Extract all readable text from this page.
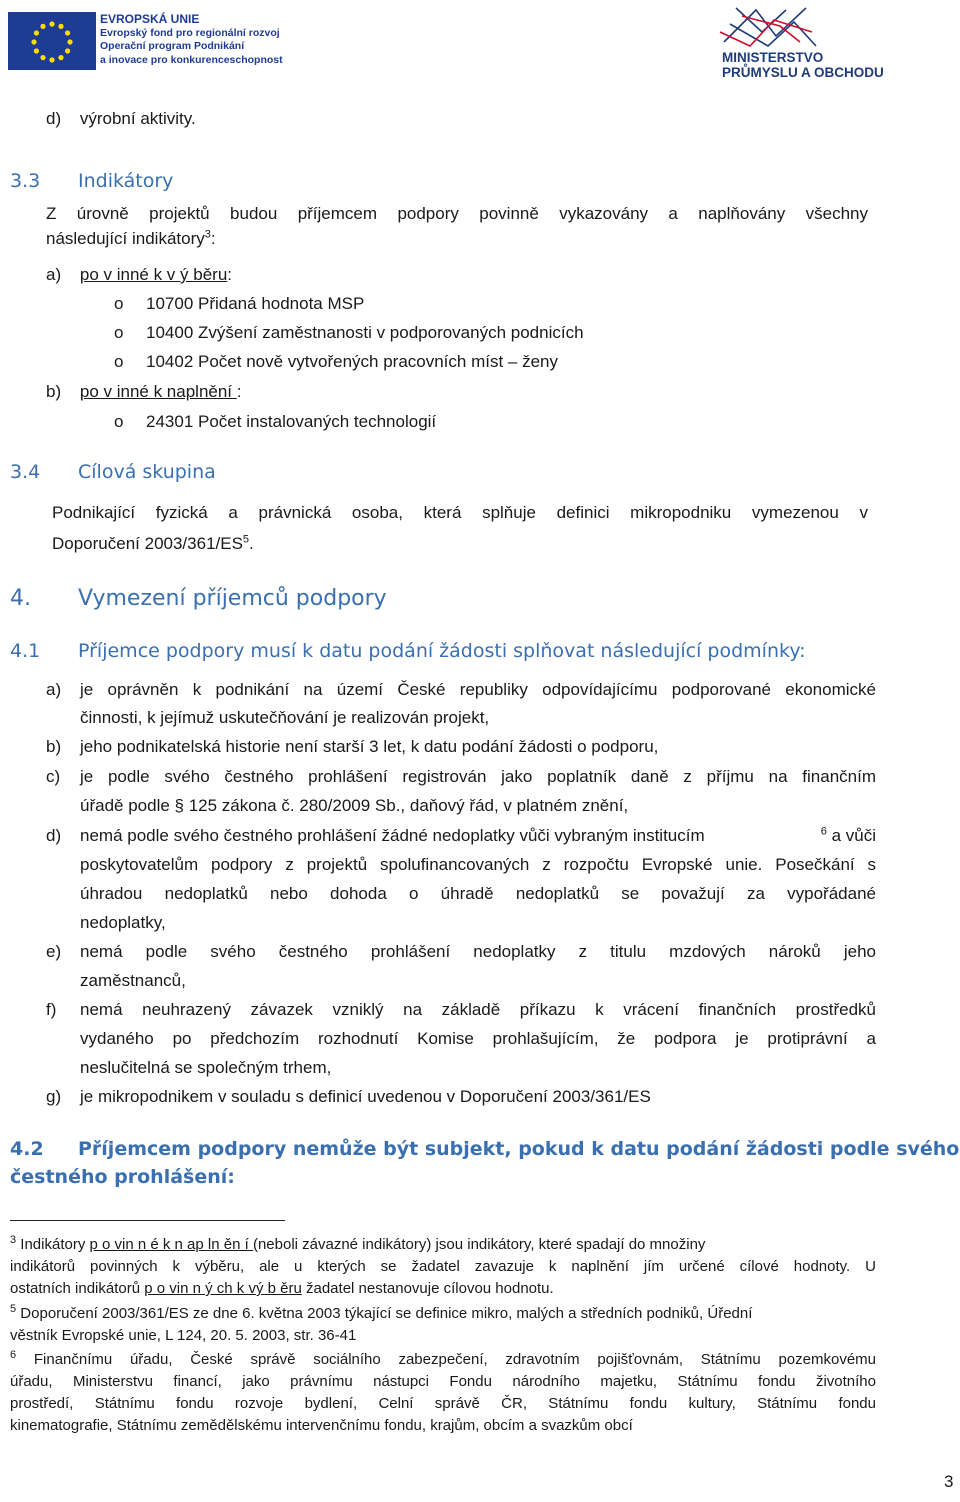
EVROPSKÁ UNIE
Evropský fond pro regionální rozvoj
Operační program Podnikání
a inovace pro konkurenceschopnost	MINISTERSTVO
PRŮMYSLU A OBCHODU
d) výrobní aktivity.
3.3 Indikátory
Z úrovně projektů budou příjemcem podpory povinně vykazovány a naplňovány všechny
následující indikátory$^3$:
a) po v inné k v ý běru:
o 10700 Přidaná hodnota MSP
o 10400 Zvýšení zaměstnanosti v podporovaných podnicích
o 10402 Počet nově vytvořených pracovních míst – ženy
b) po v inné k naplnění :
o 24301 Počet instalovaných technologií
3.4 Cílová skupina
Podnikající fyzická a právnická osoba, která splňuje definici mikropodniku vymezenou v
Doporučení $2003/361/ES^5$.
4. Vymezení příjemců podpory
4.1 Příjemce podpory musí k datu podání žádosti splňovat následující podmínky:
a) je oprávněn k podnikání na území České republiky odpovídajícímu podporované ekonomické
činnosti, k jejímuž uskutečňování je realizován projekt,
b) jeho podnikatelská historie není starší 3 let, k datu podání žádosti o podporu,
c) je podle svého čestného prohlášení registrován jako poplatník daně z příjmu na finančním
úřadě podle § 125 zákona č. 280/2009 Sb., daňový řád, v platném znění,
d) nemá podle svého čestného prohlášení žádné nedoplatky vůči vybraným institucím	$^6$ a vůči
poskytovatelům podpory z projektů spolufinancovaných z rozpočtu Evropské unie. Posečkání s
úhradou nedoplatků nebo dohoda o úhradě nedoplatků se považují za vypořádané
nedoplatky,
e) nemá podle svého čestného prohlášení nedoplatky z titulu mzdových nároků jeho
zaměstnanců,
f) nemá neuhrazený závazek vzniklý na základě příkazu k vrácení finančních prostředků
vydaného po předchozím rozhodnutí Komise prohlašujícím, že podpora je protiprávní a
neslučitelná se společným trhem,
g) je mikropodnikem v souladu s definicí uvedenou v Doporučení 2003/361/ES
4.2 Příjemcem podpory nemůže být subjekt, pokud k datu podání žádosti podle svého
čestného prohlášení:
$^3$ Indikátory p o vin n é k n ap ln ěn í (neboli závazné indikátory) jsou indikátory, které spadají do množiny
indikátorů povinných k výběru, ale u kterých se žadatel zavazuje k naplnění jím určené cílové hodnoty. U
ostatních indikátorů p o vin n ý ch k vý b ěru žadatel nestanovuje cílovou hodnotu.
$^5$ Doporučení 2003/361/ES ze dne 6. května 2003 týkající se definice mikro, malých a středních podniků, Úřední
věstník Evropské unie, L 124, 20. 5. 2003, str. 36-41
$^6$ Finančnímu úřadu, České správě sociálního zabezpečení, zdravotním pojišťovnám, Státnímu pozemkovému
úřadu, Ministerstvu financí, jako právnímu nástupci Fondu národního majetku, Státnímu fondu životního
prostředí, Státnímu fondu rozvoje bydlení, Celní správě ČR, Státnímu fondu kultury, Státnímu fondu
kinematografie, Státnímu zemědělskému intervenčnímu fondu, krajům, obcím a svazkům obcí
3
